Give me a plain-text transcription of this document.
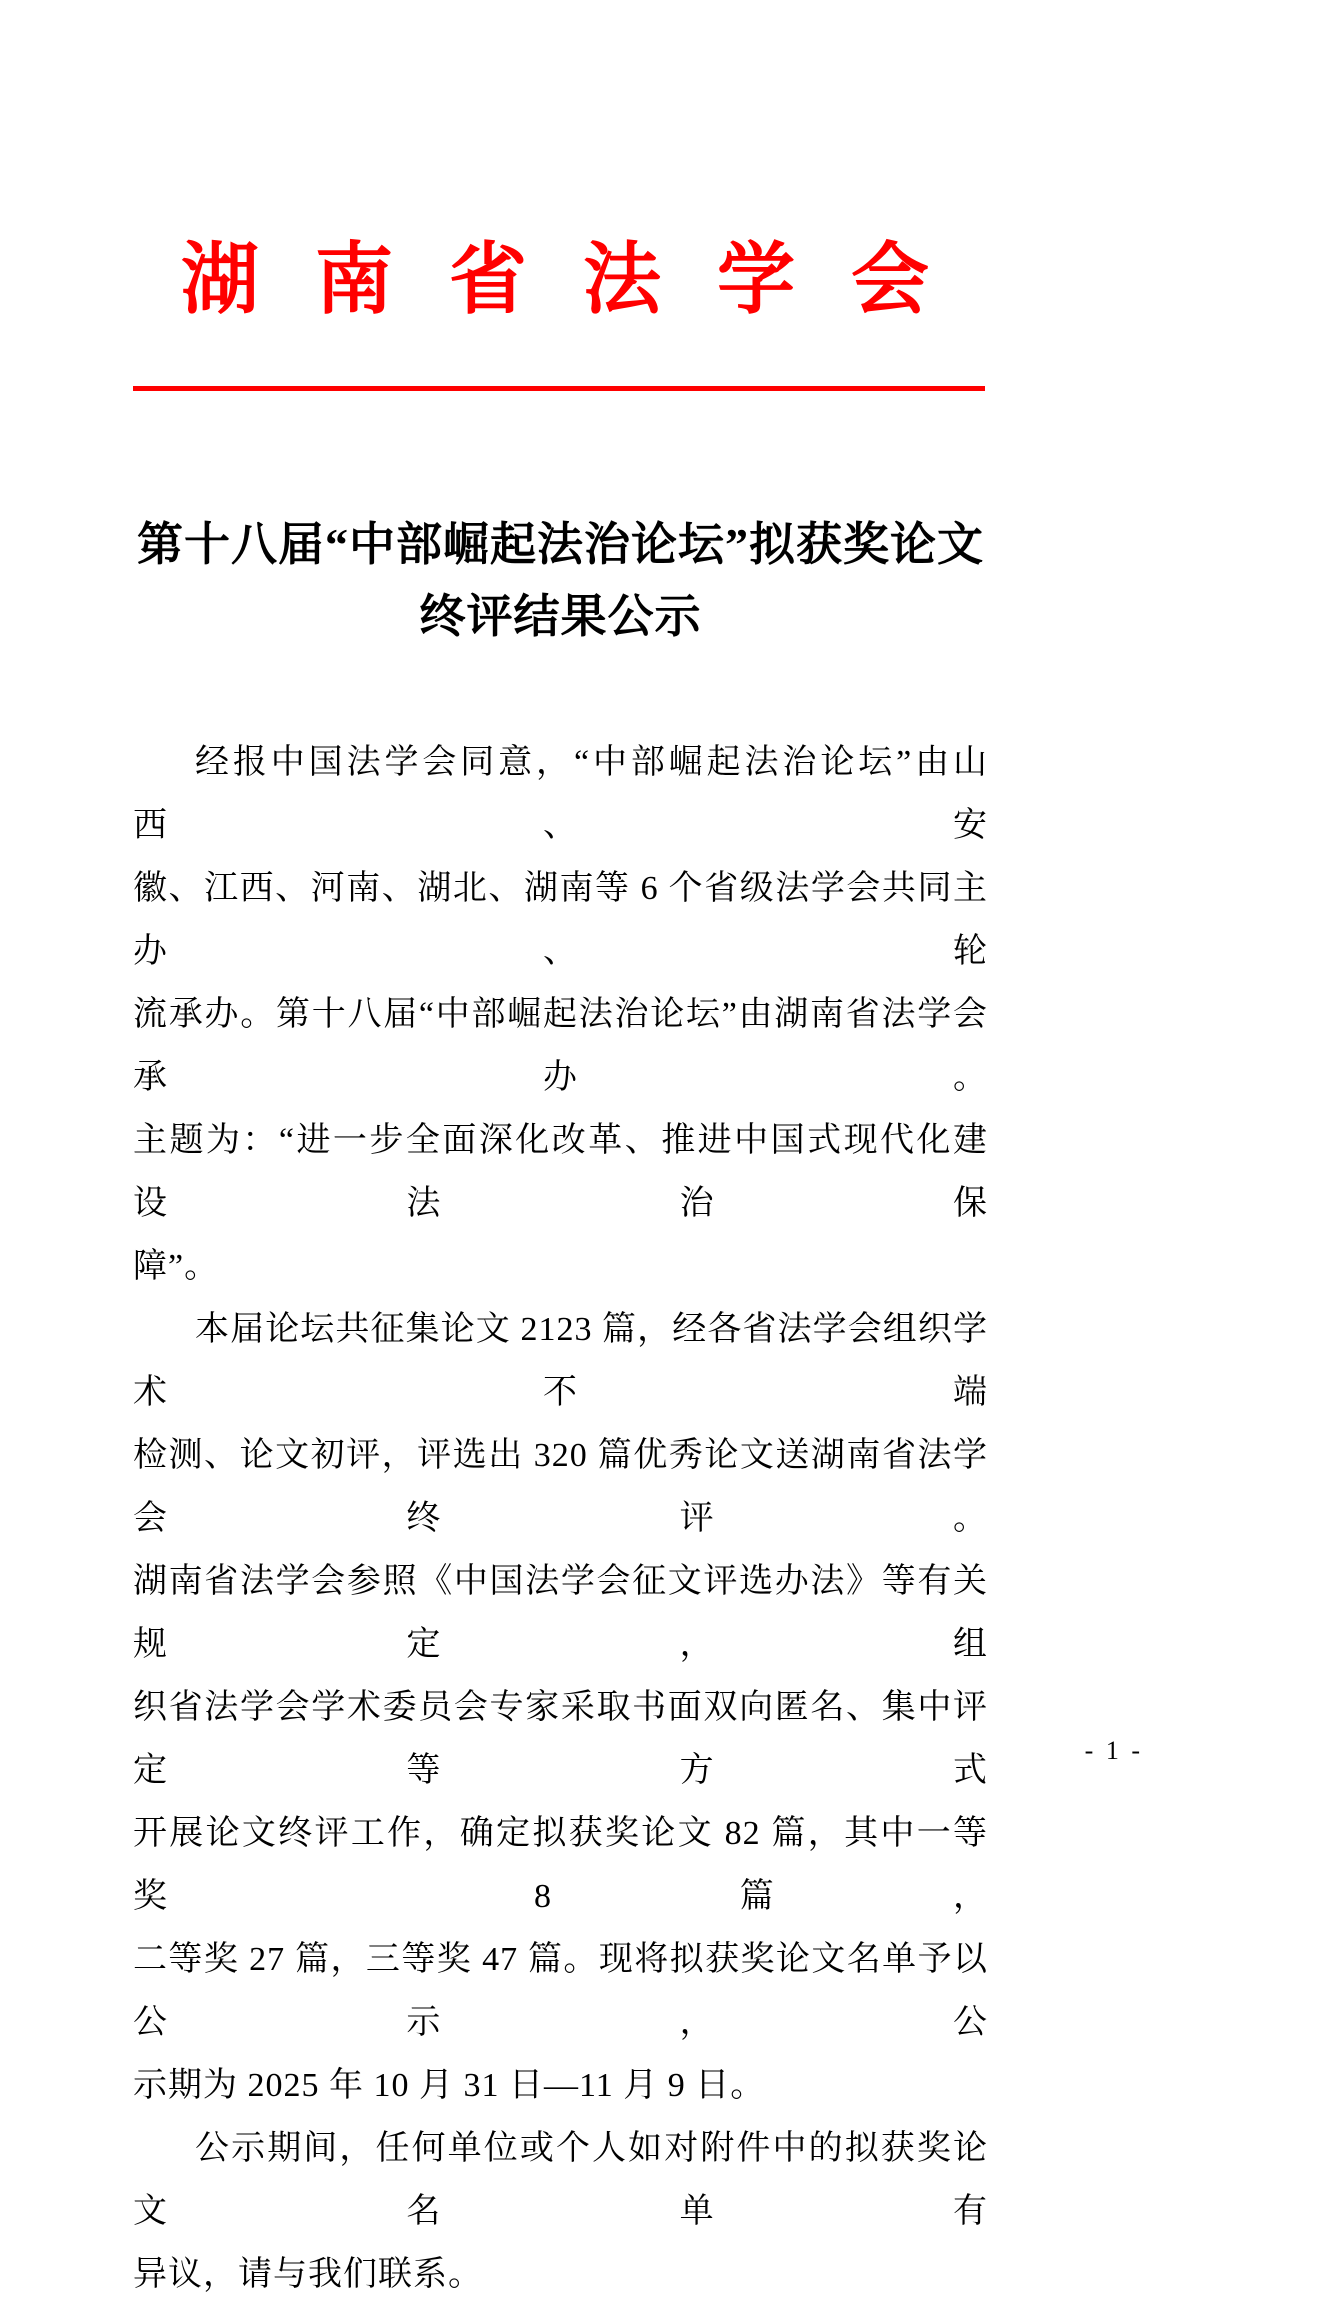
湖南省法学会
第十八届“中部崛起法治论坛”拟获奖论文
终评结果公示
经报中国法学会同意，“中部崛起法治论坛”由山西、安
徽、江西、河南、湖北、湖南等 6 个省级法学会共同主办、轮
流承办。第十八届“中部崛起法治论坛”由湖南省法学会承办。
主题为：“进一步全面深化改革、推进中国式现代化建设法治保
障”。
本届论坛共征集论文 2123 篇，经各省法学会组织学术不端
检测、论文初评，评选出 320 篇优秀论文送湖南省法学会终评。
湖南省法学会参照《中国法学会征文评选办法》等有关规定，组
织省法学会学术委员会专家采取书面双向匿名、集中评定等方式
开展论文终评工作，确定拟获奖论文 82 篇，其中一等奖 8 篇，
二等奖 27 篇，三等奖 47 篇。现将拟获奖论文名单予以公示，公
示期为 2025 年 10 月 31 日—11 月 9 日。
公示期间，任何单位或个人如对附件中的拟获奖论文名单有
异议，请与我们联系。
- 1 -
